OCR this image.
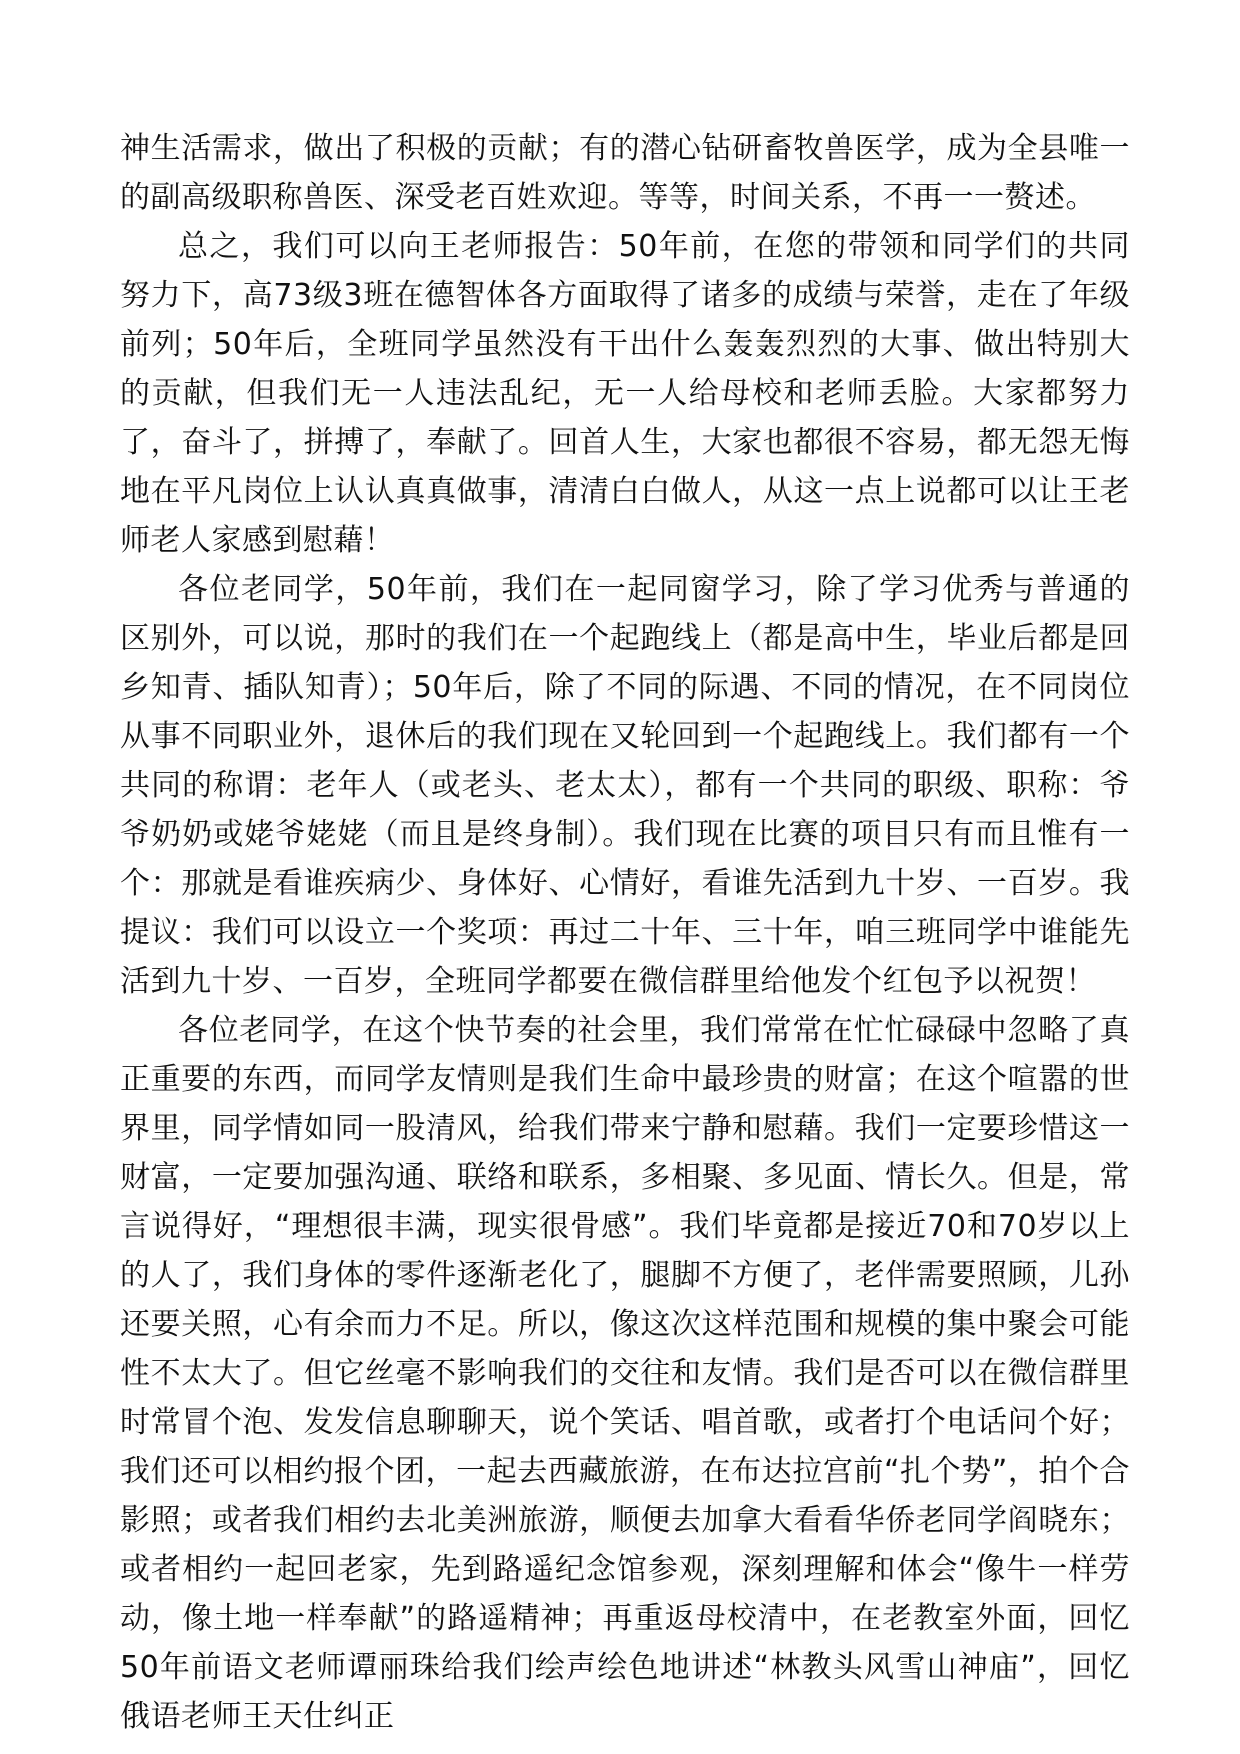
神生活需求，做出了积极的贡献；有的潜心钻研畜牧兽医学，成为全县唯一的副高级职称兽医、深受老百姓欢迎。等等，时间关系，不再一一赘述。

总之，我们可以向王老师报告：50年前，在您的带领和同学们的共同努力下，高73级3班在德智体各方面取得了诸多的成绩与荣誉，走在了年级前列；50年后，全班同学虽然没有干出什么轰轰烈烈的大事、做出特别大的贡献，但我们无一人违法乱纪，无一人给母校和老师丢脸。大家都努力了，奋斗了，拼搏了，奉献了。回首人生，大家也都很不容易，都无怨无悔地在平凡岗位上认认真真做事，清清白白做人，从这一点上说都可以让王老师老人家感到慰藉！

各位老同学，50年前，我们在一起同窗学习，除了学习优秀与普通的区别外，可以说，那时的我们在一个起跑线上（都是高中生，毕业后都是回乡知青、插队知青）；50年后，除了不同的际遇、不同的情况，在不同岗位从事不同职业外，退休后的我们现在又轮回到一个起跑线上。我们都有一个共同的称谓：老年人（或老头、老太太），都有一个共同的职级、职称：爷爷奶奶或姥爷姥姥（而且是终身制）。我们现在比赛的项目只有而且惟有一个：那就是看谁疾病少、身体好、心情好，看谁先活到九十岁、一百岁。我提议：我们可以设立一个奖项：再过二十年、三十年，咱三班同学中谁能先活到九十岁、一百岁，全班同学都要在微信群里给他发个红包予以祝贺！

各位老同学，在这个快节奏的社会里，我们常常在忙忙碌碌中忽略了真正重要的东西，而同学友情则是我们生命中最珍贵的财富；在这个喧嚣的世界里，同学情如同一股清风，给我们带来宁静和慰藉。我们一定要珍惜这一财富，一定要加强沟通、联络和联系，多相聚、多见面、情长久。但是，常言说得好，“理想很丰满，现实很骨感”。我们毕竟都是接近70和70岁以上的人了，我们身体的零件逐渐老化了，腿脚不方便了，老伴需要照顾，儿孙还要关照，心有余而力不足。所以，像这次这样范围和规模的集中聚会可能性不太大了。但它丝毫不影响我们的交往和友情。我们是否可以在微信群里时常冒个泡、发发信息聊聊天，说个笑话、唱首歌，或者打个电话问个好；我们还可以相约报个团，一起去西藏旅游，在布达拉宫前“扎个势”，拍个合影照；或者我们相约去北美洲旅游，顺便去加拿大看看华侨老同学阎晓东；或者相约一起回老家，先到路遥纪念馆参观，深刻理解和体会“像牛一样劳动，像土地一样奉献”的路遥精神；再重返母校清中，在老教室外面，回忆50年前语文老师谭丽珠给我们绘声绘色地讲述“林教头风雪山神庙”，回忆俄语老师王天仕纠正
